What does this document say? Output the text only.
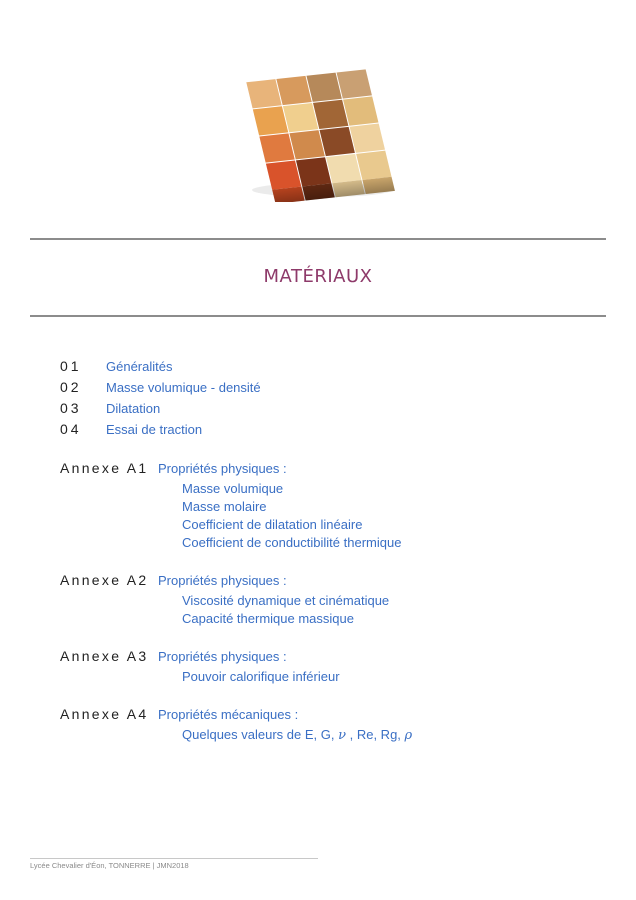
MATÉRIAUX
01	Généralités
02	Masse volumique - densité
03	Dilatation
04	Essai de traction
Annexe A1 Propriétés physiques :
Masse volumique
Masse molaire
Coefficient de dilatation linéaire
Coefficient de conductibilité thermique
Annexe A2 Propriétés physiques :
Viscosité dynamique et cinématique
Capacité thermique massique
Annexe A3 Propriétés physiques :
Pouvoir calorifique inférieur
Annexe A4 Propriétés mécaniques :
Quelques valeurs de E, G, ν , Re, Rg, ρ
Lycée Chevalier d'Éon, TONNERRE | JMN2018
